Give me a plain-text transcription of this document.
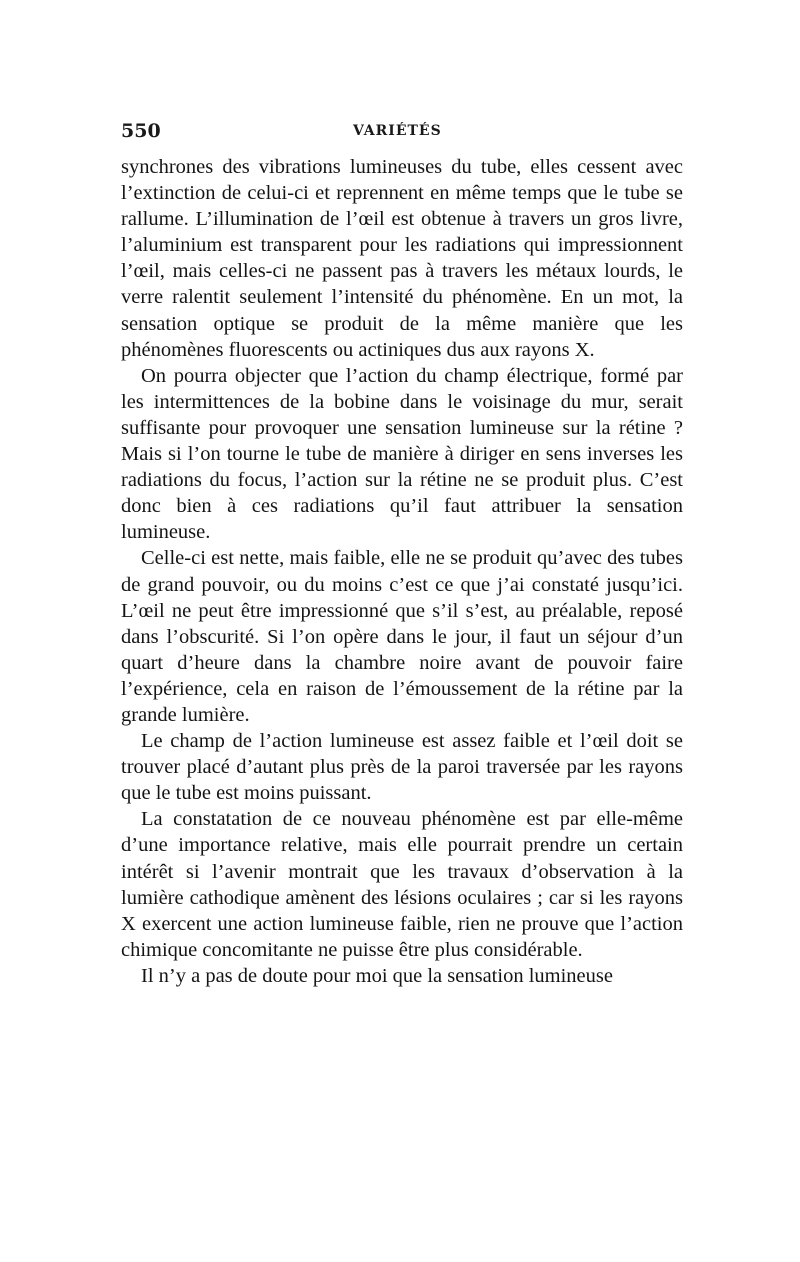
550	VARIÉTÉS

synchrones des vibrations lumineuses du tube, elles cessent avec l’extinction de celui-ci et reprennent en même temps que le tube se rallume. L’illumination de l’œil est obtenue à travers un gros livre, l’aluminium est transparent pour les radiations qui impressionnent l’œil, mais celles-ci ne passent pas à travers les métaux lourds, le verre ralentit seulement l’intensité du phénomène. En un mot, la sensation optique se produit de la même manière que les phénomènes fluorescents ou actiniques dus aux rayons X.

On pourra objecter que l’action du champ électrique, formé par les intermittences de la bobine dans le voisinage du mur, serait suffisante pour provoquer une sensation lumineuse sur la rétine ? Mais si l’on tourne le tube de manière à diriger en sens inverses les radiations du focus, l’action sur la rétine ne se produit plus. C’est donc bien à ces radiations qu’il faut attribuer la sensation lumineuse.

Celle-ci est nette, mais faible, elle ne se produit qu’avec des tubes de grand pouvoir, ou du moins c’est ce que j’ai constaté jusqu’ici. L’œil ne peut être impressionné que s’il s’est, au préalable, reposé dans l’obscurité. Si l’on opère dans le jour, il faut un séjour d’un quart d’heure dans la chambre noire avant de pouvoir faire l’expérience, cela en raison de l’émoussement de la rétine par la grande lumière.

Le champ de l’action lumineuse est assez faible et l’œil doit se trouver placé d’autant plus près de la paroi traversée par les rayons que le tube est moins puissant.

La constatation de ce nouveau phénomène est par elle-même d’une importance relative, mais elle pourrait prendre un certain intérêt si l’avenir montrait que les travaux d’observation à la lumière cathodique amènent des lésions oculaires ; car si les rayons X exercent une action lumineuse faible, rien ne prouve que l’action chimique concomitante ne puisse être plus considérable.

Il n’y a pas de doute pour moi que la sensation lumineuse
